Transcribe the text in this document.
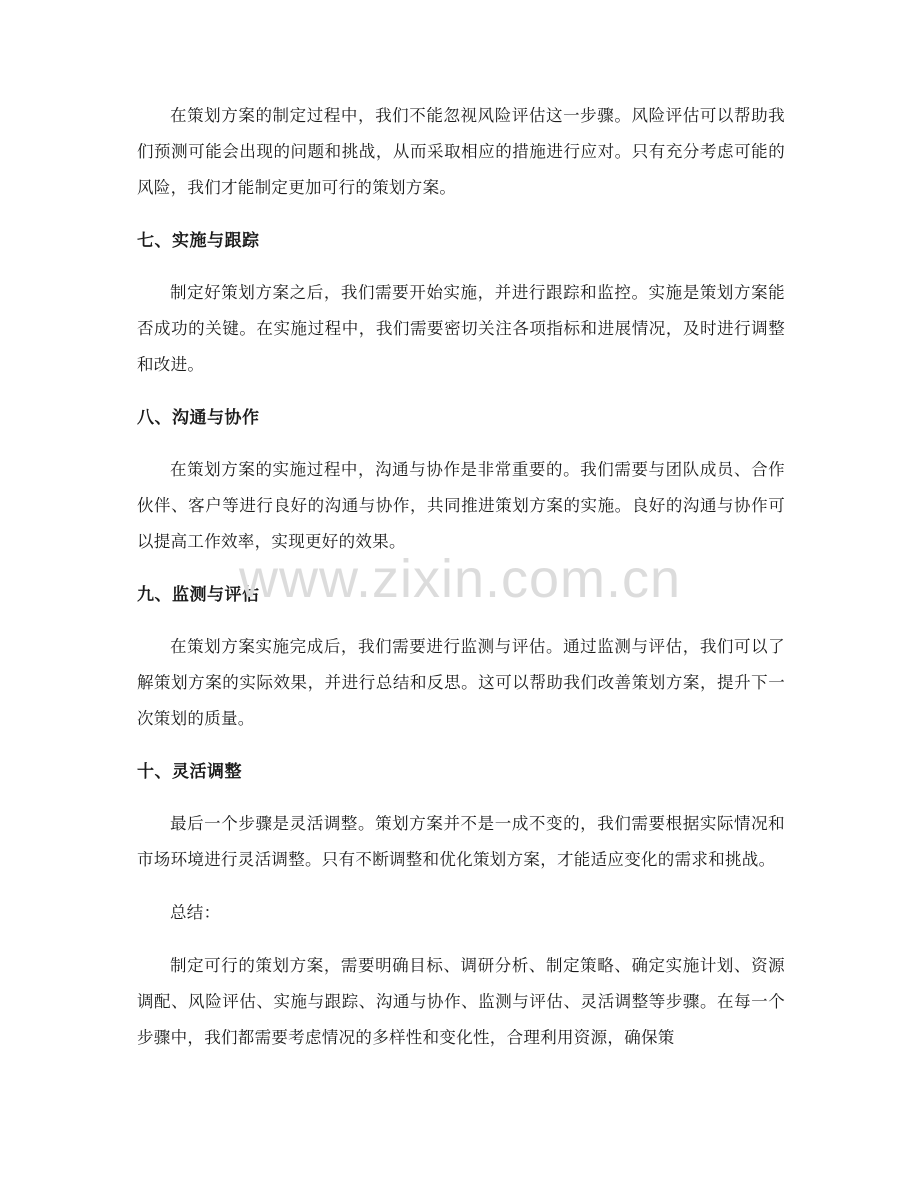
在策划方案的制定过程中，我们不能忽视风险评估这一步骤。风险评估可以帮助我们预测可能会出现的问题和挑战，从而采取相应的措施进行应对。只有充分考虑可能的风险，我们才能制定更加可行的策划方案。

七、实施与跟踪

制定好策划方案之后，我们需要开始实施，并进行跟踪和监控。实施是策划方案能否成功的关键。在实施过程中，我们需要密切关注各项指标和进展情况，及时进行调整和改进。

八、沟通与协作

在策划方案的实施过程中，沟通与协作是非常重要的。我们需要与团队成员、合作伙伴、客户等进行良好的沟通与协作，共同推进策划方案的实施。良好的沟通与协作可以提高工作效率，实现更好的效果。

九、监测与评估

在策划方案实施完成后，我们需要进行监测与评估。通过监测与评估，我们可以了解策划方案的实际效果，并进行总结和反思。这可以帮助我们改善策划方案，提升下一次策划的质量。

十、灵活调整

最后一个步骤是灵活调整。策划方案并不是一成不变的，我们需要根据实际情况和市场环境进行灵活调整。只有不断调整和优化策划方案，才能适应变化的需求和挑战。

总结：

制定可行的策划方案，需要明确目标、调研分析、制定策略、确定实施计划、资源调配、风险评估、实施与跟踪、沟通与协作、监测与评估、灵活调整等步骤。在每一个步骤中，我们都需要考虑情况的多样性和变化性，合理利用资源，确保策

www.zixin.com.cn
